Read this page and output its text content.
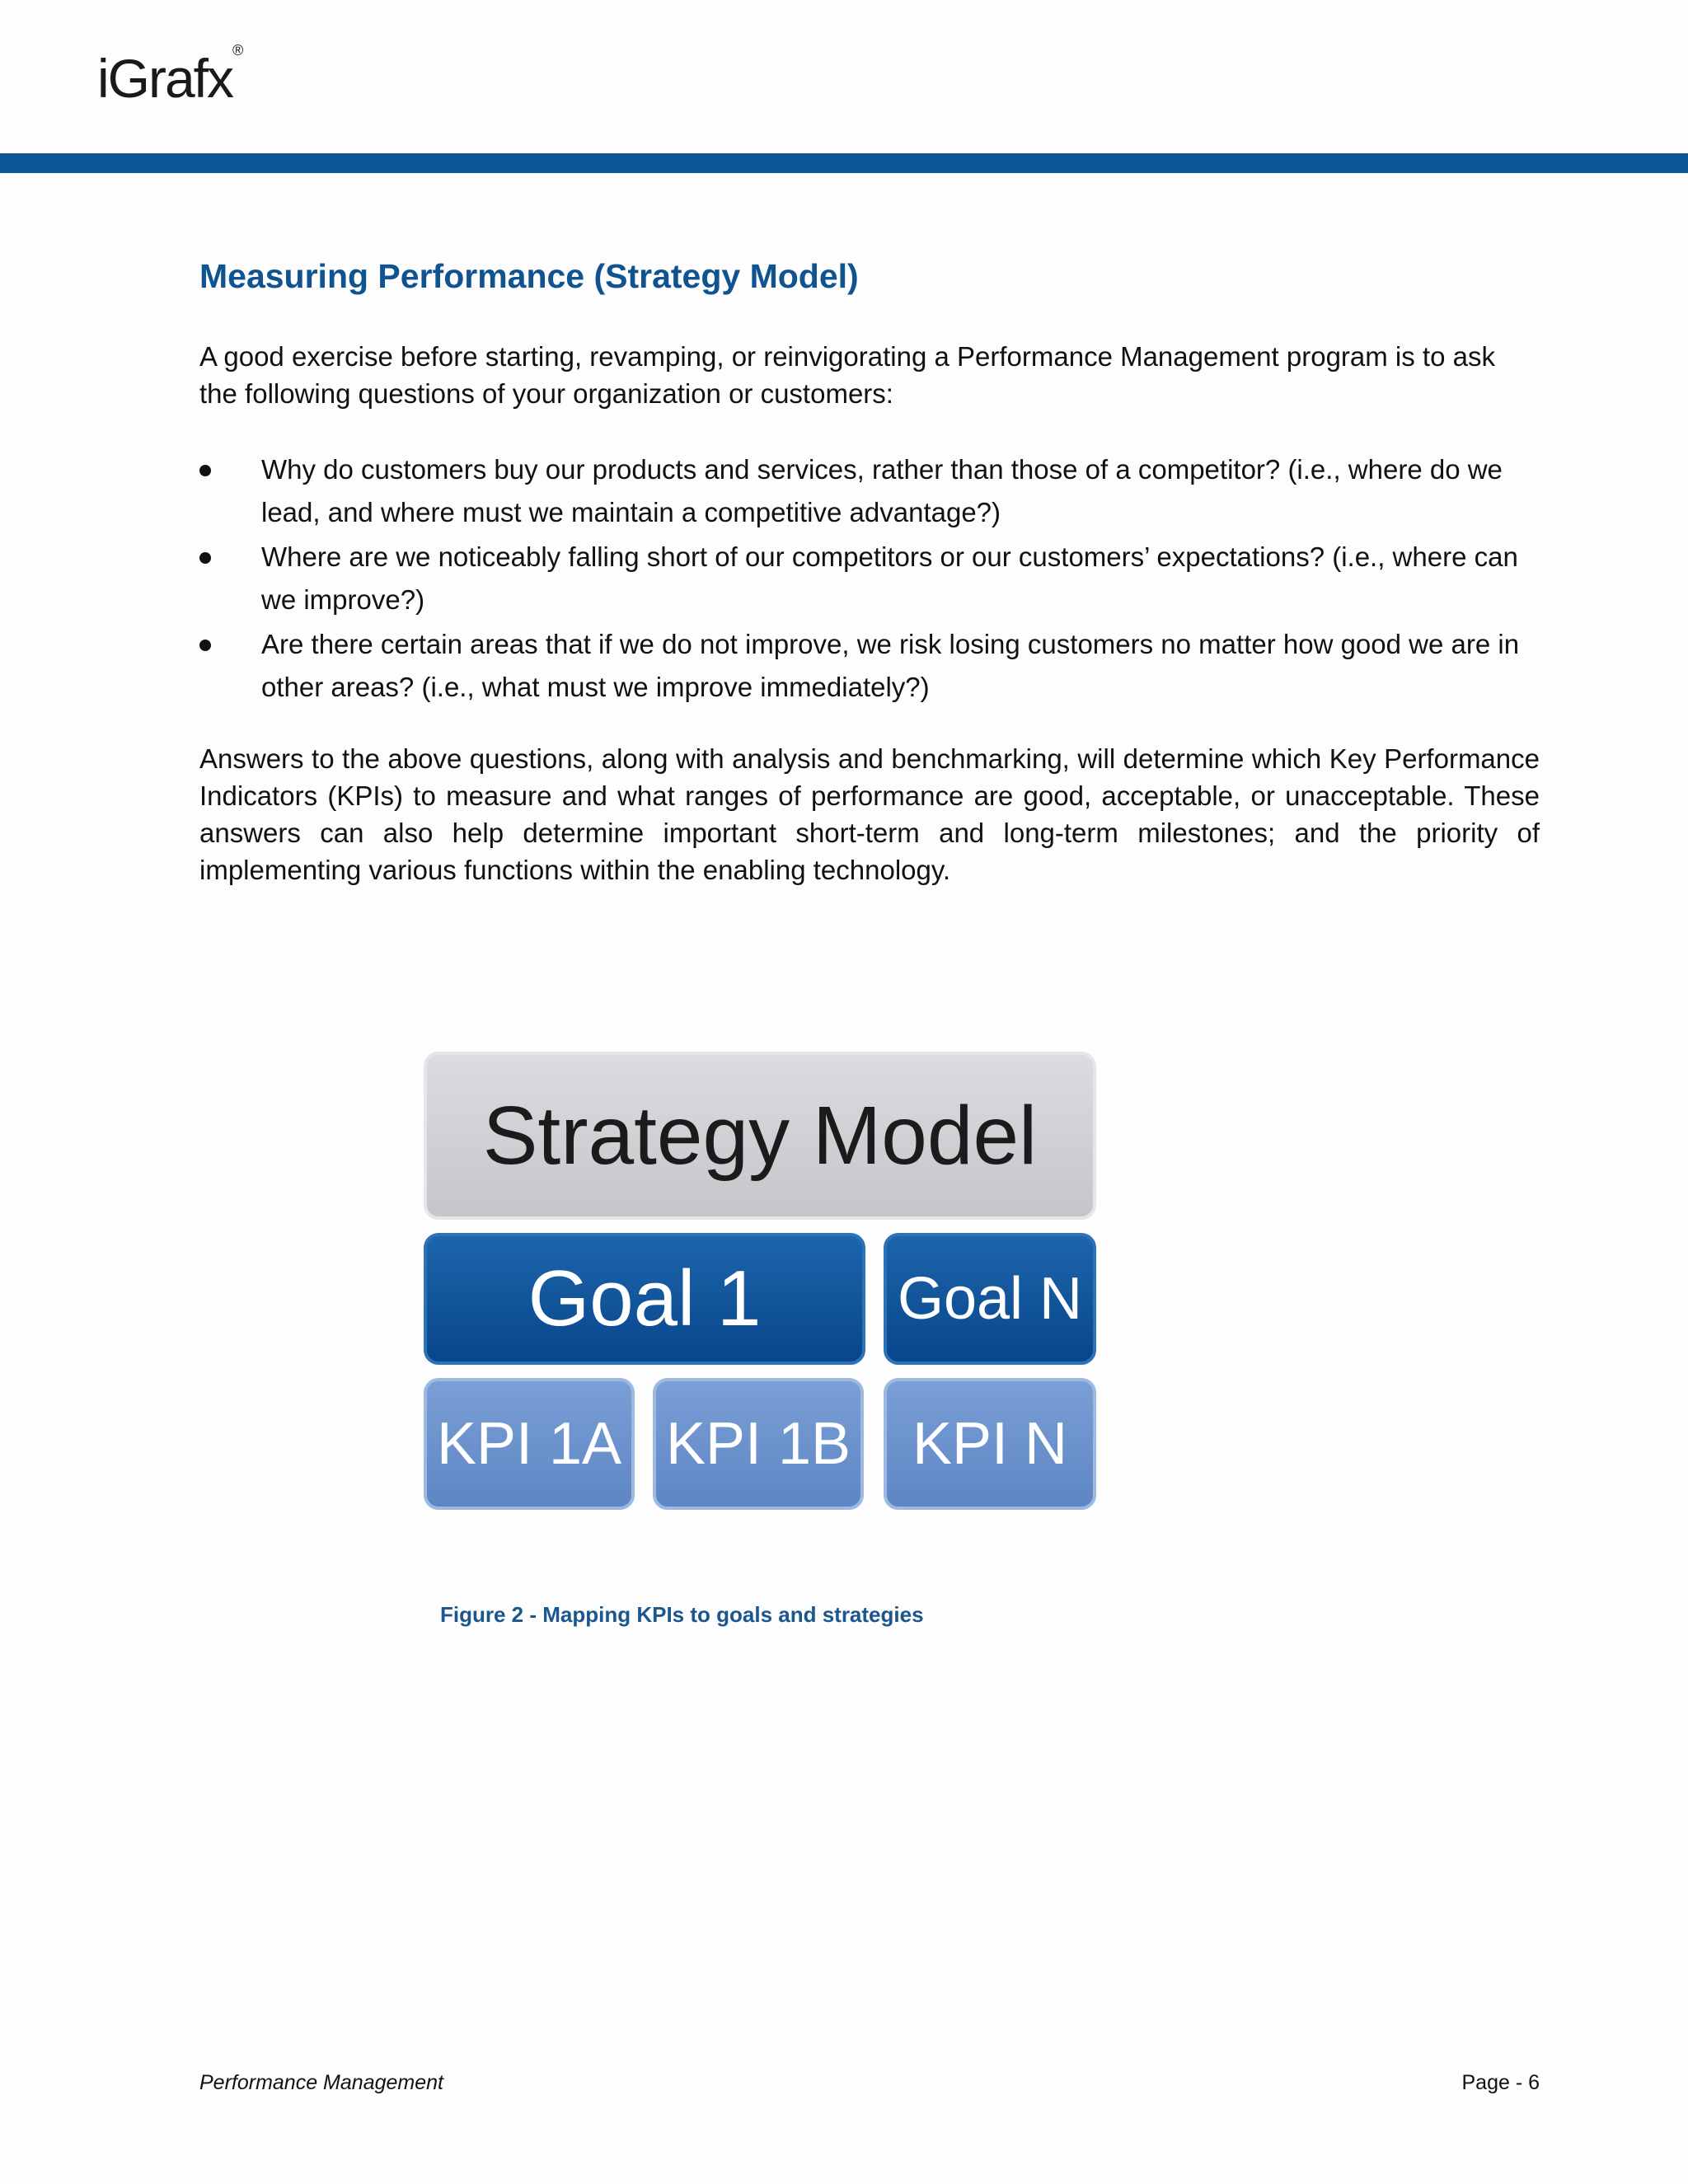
iGrafx®
Measuring Performance (Strategy Model)

A good exercise before starting, revamping, or reinvigorating a Performance Management program is to ask the following questions of your organization or customers:

Why do customers buy our products and services, rather than those of a competitor? (i.e., where do we lead, and where must we maintain a competitive advantage?)
Where are we noticeably falling short of our competitors or our customers’ expectations? (i.e., where can we improve?)
Are there certain areas that if we do not improve, we risk losing customers no matter how good we are in other areas? (i.e., what must we improve immediately?)

Answers to the above questions, along with analysis and benchmarking, will determine which Key Performance Indicators (KPIs) to measure and what ranges of performance are good, acceptable, or unacceptable. These answers can also help determine important short-term and long-term milestones; and the priority of implementing various functions within the enabling technology.

Strategy Model
Goal 1	Goal N
KPI 1A KPI 1B	KPI N

Figure 2 - Mapping KPIs to goals and strategies

Performance Management	Page - 6
